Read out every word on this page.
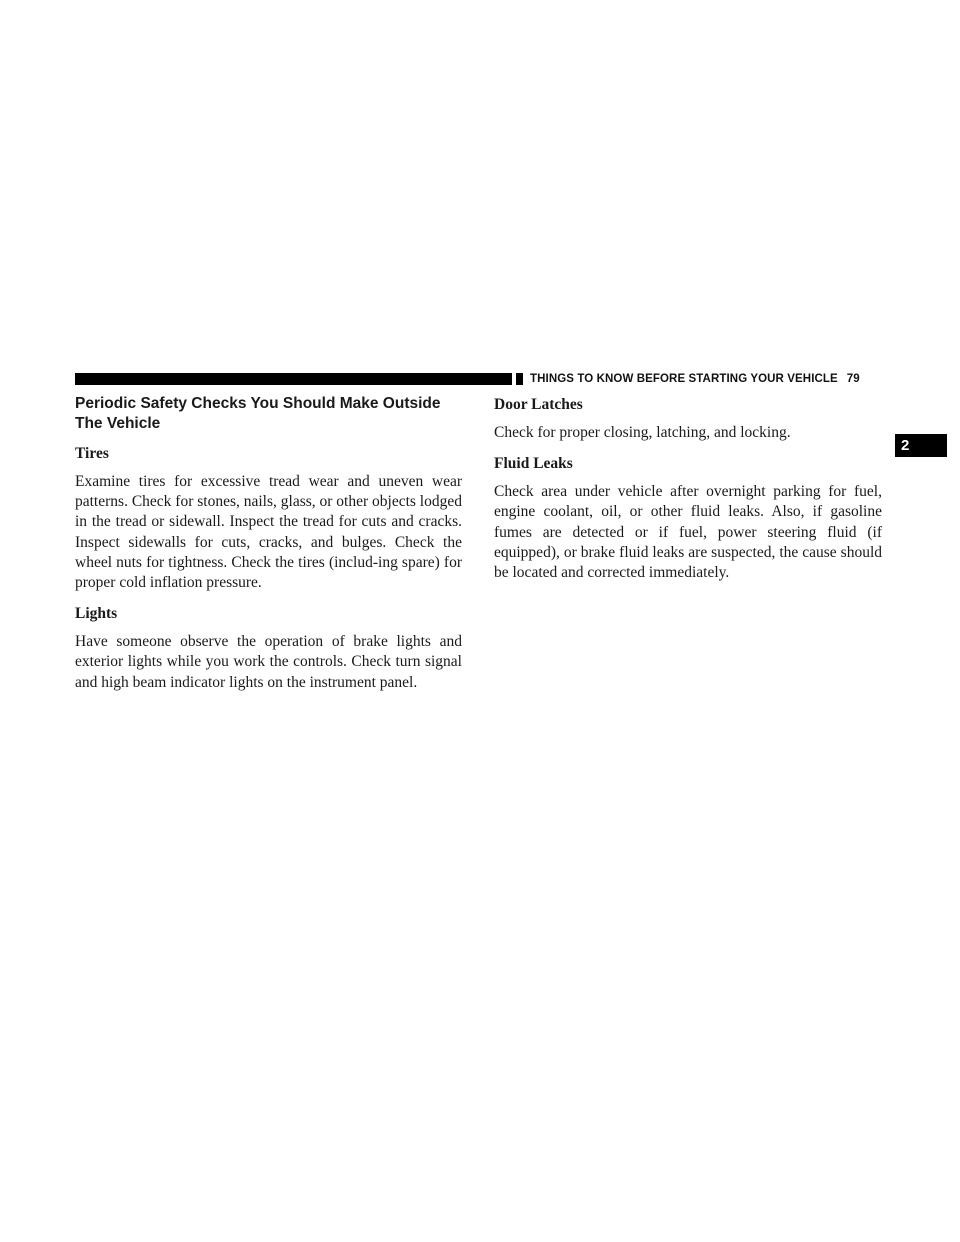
THINGS TO KNOW BEFORE STARTING YOUR VEHICLE 79
2
Periodic Safety Checks You Should Make Outside The Vehicle
Tires

Examine tires for excessive tread wear and uneven wear patterns. Check for stones, nails, glass, or other objects lodged in the tread or sidewall. Inspect the tread for cuts and cracks. Inspect sidewalls for cuts, cracks, and bulges. Check the wheel nuts for tightness. Check the tires (includ-ing spare) for proper cold inflation pressure.

Lights

Have someone observe the operation of brake lights and exterior lights while you work the controls. Check turn signal and high beam indicator lights on the instrument panel.

Door Latches

Check for proper closing, latching, and locking.

Fluid Leaks

Check area under vehicle after overnight parking for fuel, engine coolant, oil, or other fluid leaks. Also, if gasoline fumes are detected or if fuel, power steering fluid (if equipped), or brake fluid leaks are suspected, the cause should be located and corrected immediately.
